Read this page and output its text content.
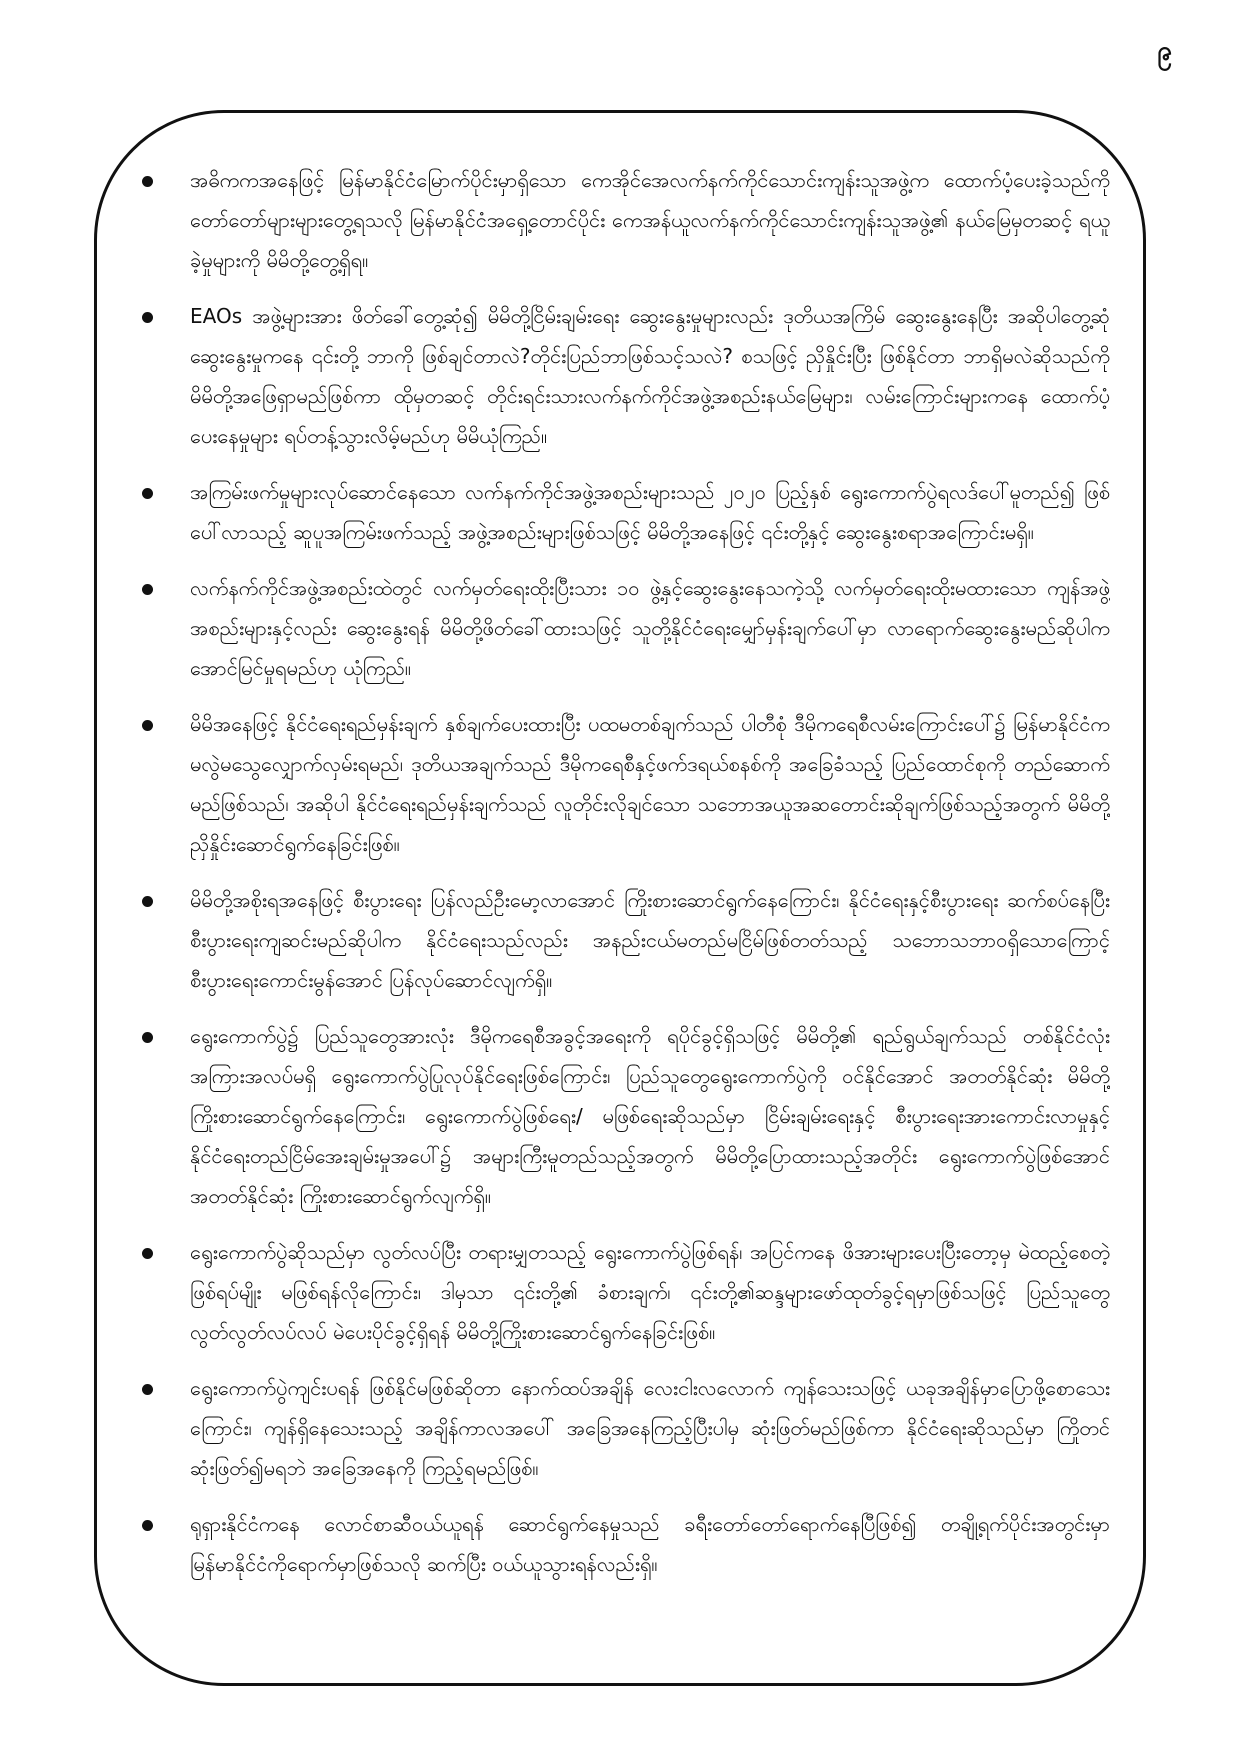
၉
အဓိကကအနေဖြင့် မြန်မာနိုင်ငံမြောက်ပိုင်းမှာရှိသော ကေအိုင်အေလက်နက်ကိုင်သောင်းကျန်းသူအဖွဲ့က ထောက်ပံ့ပေးခဲ့သည်ကို တော်တော်များများတွေ့ရသလို မြန်မာနိုင်ငံအရှေ့တောင်ပိုင်း ကေအန်ယူလက်နက်ကိုင်သောင်းကျန်းသူအဖွဲ့၏ နယ်မြေမှတဆင့် ရယူခဲ့မှုများကို မိမိတို့တွေ့ရှိရ။
EAOs အဖွဲ့များအား ဖိတ်ခေါ်တွေ့ဆုံ၍ မိမိတို့ငြိမ်းချမ်းရေး ဆွေးနွေးမှုများလည်း ဒုတိယအကြိမ် ဆွေးနွေးနေပြီး အဆိုပါတွေ့ဆုံဆွေးနွေးမှုကနေ ၎င်းတို့ ဘာကို ဖြစ်ချင်တာလဲ?တိုင်းပြည်ဘာဖြစ်သင့်သလဲ? စသဖြင့် ညှိနှိုင်းပြီး ဖြစ်နိုင်တာ ဘာရှိမလဲဆိုသည်ကို မိမိတို့အဖြေရှာမည်ဖြစ်ကာ ထိုမှတဆင့် တိုင်းရင်းသားလက်နက်ကိုင်အဖွဲ့အစည်းနယ်မြေများ၊ လမ်းကြောင်းများကနေ ထောက်ပံ့ပေးနေမှုများ ရပ်တန့်သွားလိမ့်မည်ဟု မိမိယုံကြည်။
အကြမ်းဖက်မှုများလုပ်ဆောင်နေသော လက်နက်ကိုင်အဖွဲ့အစည်းများသည် ၂၀၂၀ ပြည့်နှစ် ရွေးကောက်ပွဲရလဒ်ပေါ်မူတည်၍ ဖြစ်ပေါ်လာသည့် ဆူပူအကြမ်းဖက်သည့် အဖွဲ့အစည်းများဖြစ်သဖြင့် မိမိတို့အနေဖြင့် ၎င်းတို့နှင့် ဆွေးနွေးစရာအကြောင်းမရှိ။
လက်နက်ကိုင်အဖွဲ့အစည်းထဲတွင် လက်မှတ်ရေးထိုးပြီးသား ၁၀ ဖွဲ့နှင့်ဆွေးနွေးနေသကဲ့သို့ လက်မှတ်ရေးထိုးမထားသော ကျန်အဖွဲ့အစည်းများနှင့်လည်း ဆွေးနွေးရန် မိမိတို့ဖိတ်ခေါ်ထားသဖြင့် သူတို့နိုင်ငံရေးမျှော်မှန်းချက်ပေါ်မှာ လာရောက်ဆွေးနွေးမည်ဆိုပါက အောင်မြင်မှုရမည်ဟု ယုံကြည်။
မိမိအနေဖြင့် နိုင်ငံရေးရည်မှန်းချက် နှစ်ချက်ပေးထားပြီး ပထမတစ်ချက်သည် ပါတီစုံ ဒီမိုကရေစီလမ်းကြောင်းပေါ်၌ မြန်မာနိုင်ငံက မလွဲမသွေလျှောက်လှမ်းရမည်၊ ဒုတိယအချက်သည် ဒီမိုကရေစီနှင့်ဖက်ဒရယ်စနစ်ကို အခြေခံသည့် ပြည်ထောင်စုကို တည်ဆောက်မည်ဖြစ်သည်၊ အဆိုပါ နိုင်ငံရေးရည်မှန်းချက်သည် လူတိုင်းလိုချင်သော သဘောအယူအဆတောင်းဆိုချက်ဖြစ်သည့်အတွက် မိမိတို့ညှိနှိုင်းဆောင်ရွက်နေခြင်းဖြစ်။
မိမိတို့အစိုးရအနေဖြင့် စီးပွားရေး ပြန်လည်ဦးမော့လာအောင် ကြိုးစားဆောင်ရွက်နေကြောင်း၊ နိုင်ငံရေးနှင့်စီးပွားရေး ဆက်စပ်နေပြီး စီးပွားရေးကျဆင်းမည်ဆိုပါက နိုင်ငံရေးသည်လည်း အနည်းငယ်မတည်မငြိမ်ဖြစ်တတ်သည့် သဘောသဘာဝရှိသောကြောင့် စီးပွားရေးကောင်းမွန်အောင် ပြန်လုပ်ဆောင်လျက်ရှိ။
ရွေးကောက်ပွဲ၌ ပြည်သူတွေအားလုံး ဒီမိုကရေစီအခွင့်အရေးကို ရပိုင်ခွင့်ရှိသဖြင့် မိမိတို့၏ ရည်ရွယ်ချက်သည် တစ်နိုင်ငံလုံး အကြားအလပ်မရှိ ရွေးကောက်ပွဲပြုလုပ်နိုင်ရေးဖြစ်ကြောင်း၊ ပြည်သူတွေရွေးကောက်ပွဲကို ဝင်နိုင်အောင် အတတ်နိုင်ဆုံး မိမိတို့ကြိုးစားဆောင်ရွက်နေကြောင်း၊ ရွေးကောက်ပွဲဖြစ်ရေး/ မဖြစ်ရေးဆိုသည်မှာ ငြိမ်းချမ်းရေးနှင့် စီးပွားရေးအားကောင်းလာမှုနှင့် နိုင်ငံရေးတည်ငြိမ်အေးချမ်းမှုအပေါ်၌ အများကြီးမူတည်သည့်အတွက် မိမိတို့ပြောထားသည့်အတိုင်း ရွေးကောက်ပွဲဖြစ်အောင် အတတ်နိုင်ဆုံး ကြိုးစားဆောင်ရွက်လျက်ရှိ။
ရွေးကောက်ပွဲဆိုသည်မှာ လွတ်လပ်ပြီး တရားမျှတသည့် ရွေးကောက်ပွဲဖြစ်ရန်၊ အပြင်ကနေ ဖိအားများပေးပြီးတော့မှ မဲထည့်စေတဲ့ဖြစ်ရပ်မျိုး မဖြစ်ရန်လိုကြောင်း၊ ဒါမှသာ ၎င်းတို့၏ ခံစားချက်၊ ၎င်းတို့၏ဆန္ဒများဖော်ထုတ်ခွင့်ရမှာဖြစ်သဖြင့် ပြည်သူတွေ လွတ်လွတ်လပ်လပ် မဲပေးပိုင်ခွင့်ရှိရန် မိမိတို့ကြိုးစားဆောင်ရွက်နေခြင်းဖြစ်။
ရွေးကောက်ပွဲကျင်းပရန် ဖြစ်နိုင်မဖြစ်ဆိုတာ နောက်ထပ်အချိန် လေးငါးလလောက် ကျန်သေးသဖြင့် ယခုအချိန်မှာပြောဖို့စောသေးကြောင်း၊ ကျန်ရှိနေသေးသည့် အချိန်ကာလအပေါ် အခြေအနေကြည့်ပြီးပါမှ ဆုံးဖြတ်မည်ဖြစ်ကာ နိုင်ငံရေးဆိုသည်မှာ ကြိုတင်ဆုံးဖြတ်၍မရဘဲ အခြေအနေကို ကြည့်ရမည်ဖြစ်။
ရုရှားနိုင်ငံကနေ လောင်စာဆီဝယ်ယူရန် ဆောင်ရွက်နေမှုသည် ခရီးတော်တော်ရောက်နေပြီဖြစ်၍ တချို့ရက်ပိုင်းအတွင်းမှာ မြန်မာနိုင်ငံကိုရောက်မှာဖြစ်သလို ဆက်ပြီး ဝယ်ယူသွားရန်လည်းရှိ။
